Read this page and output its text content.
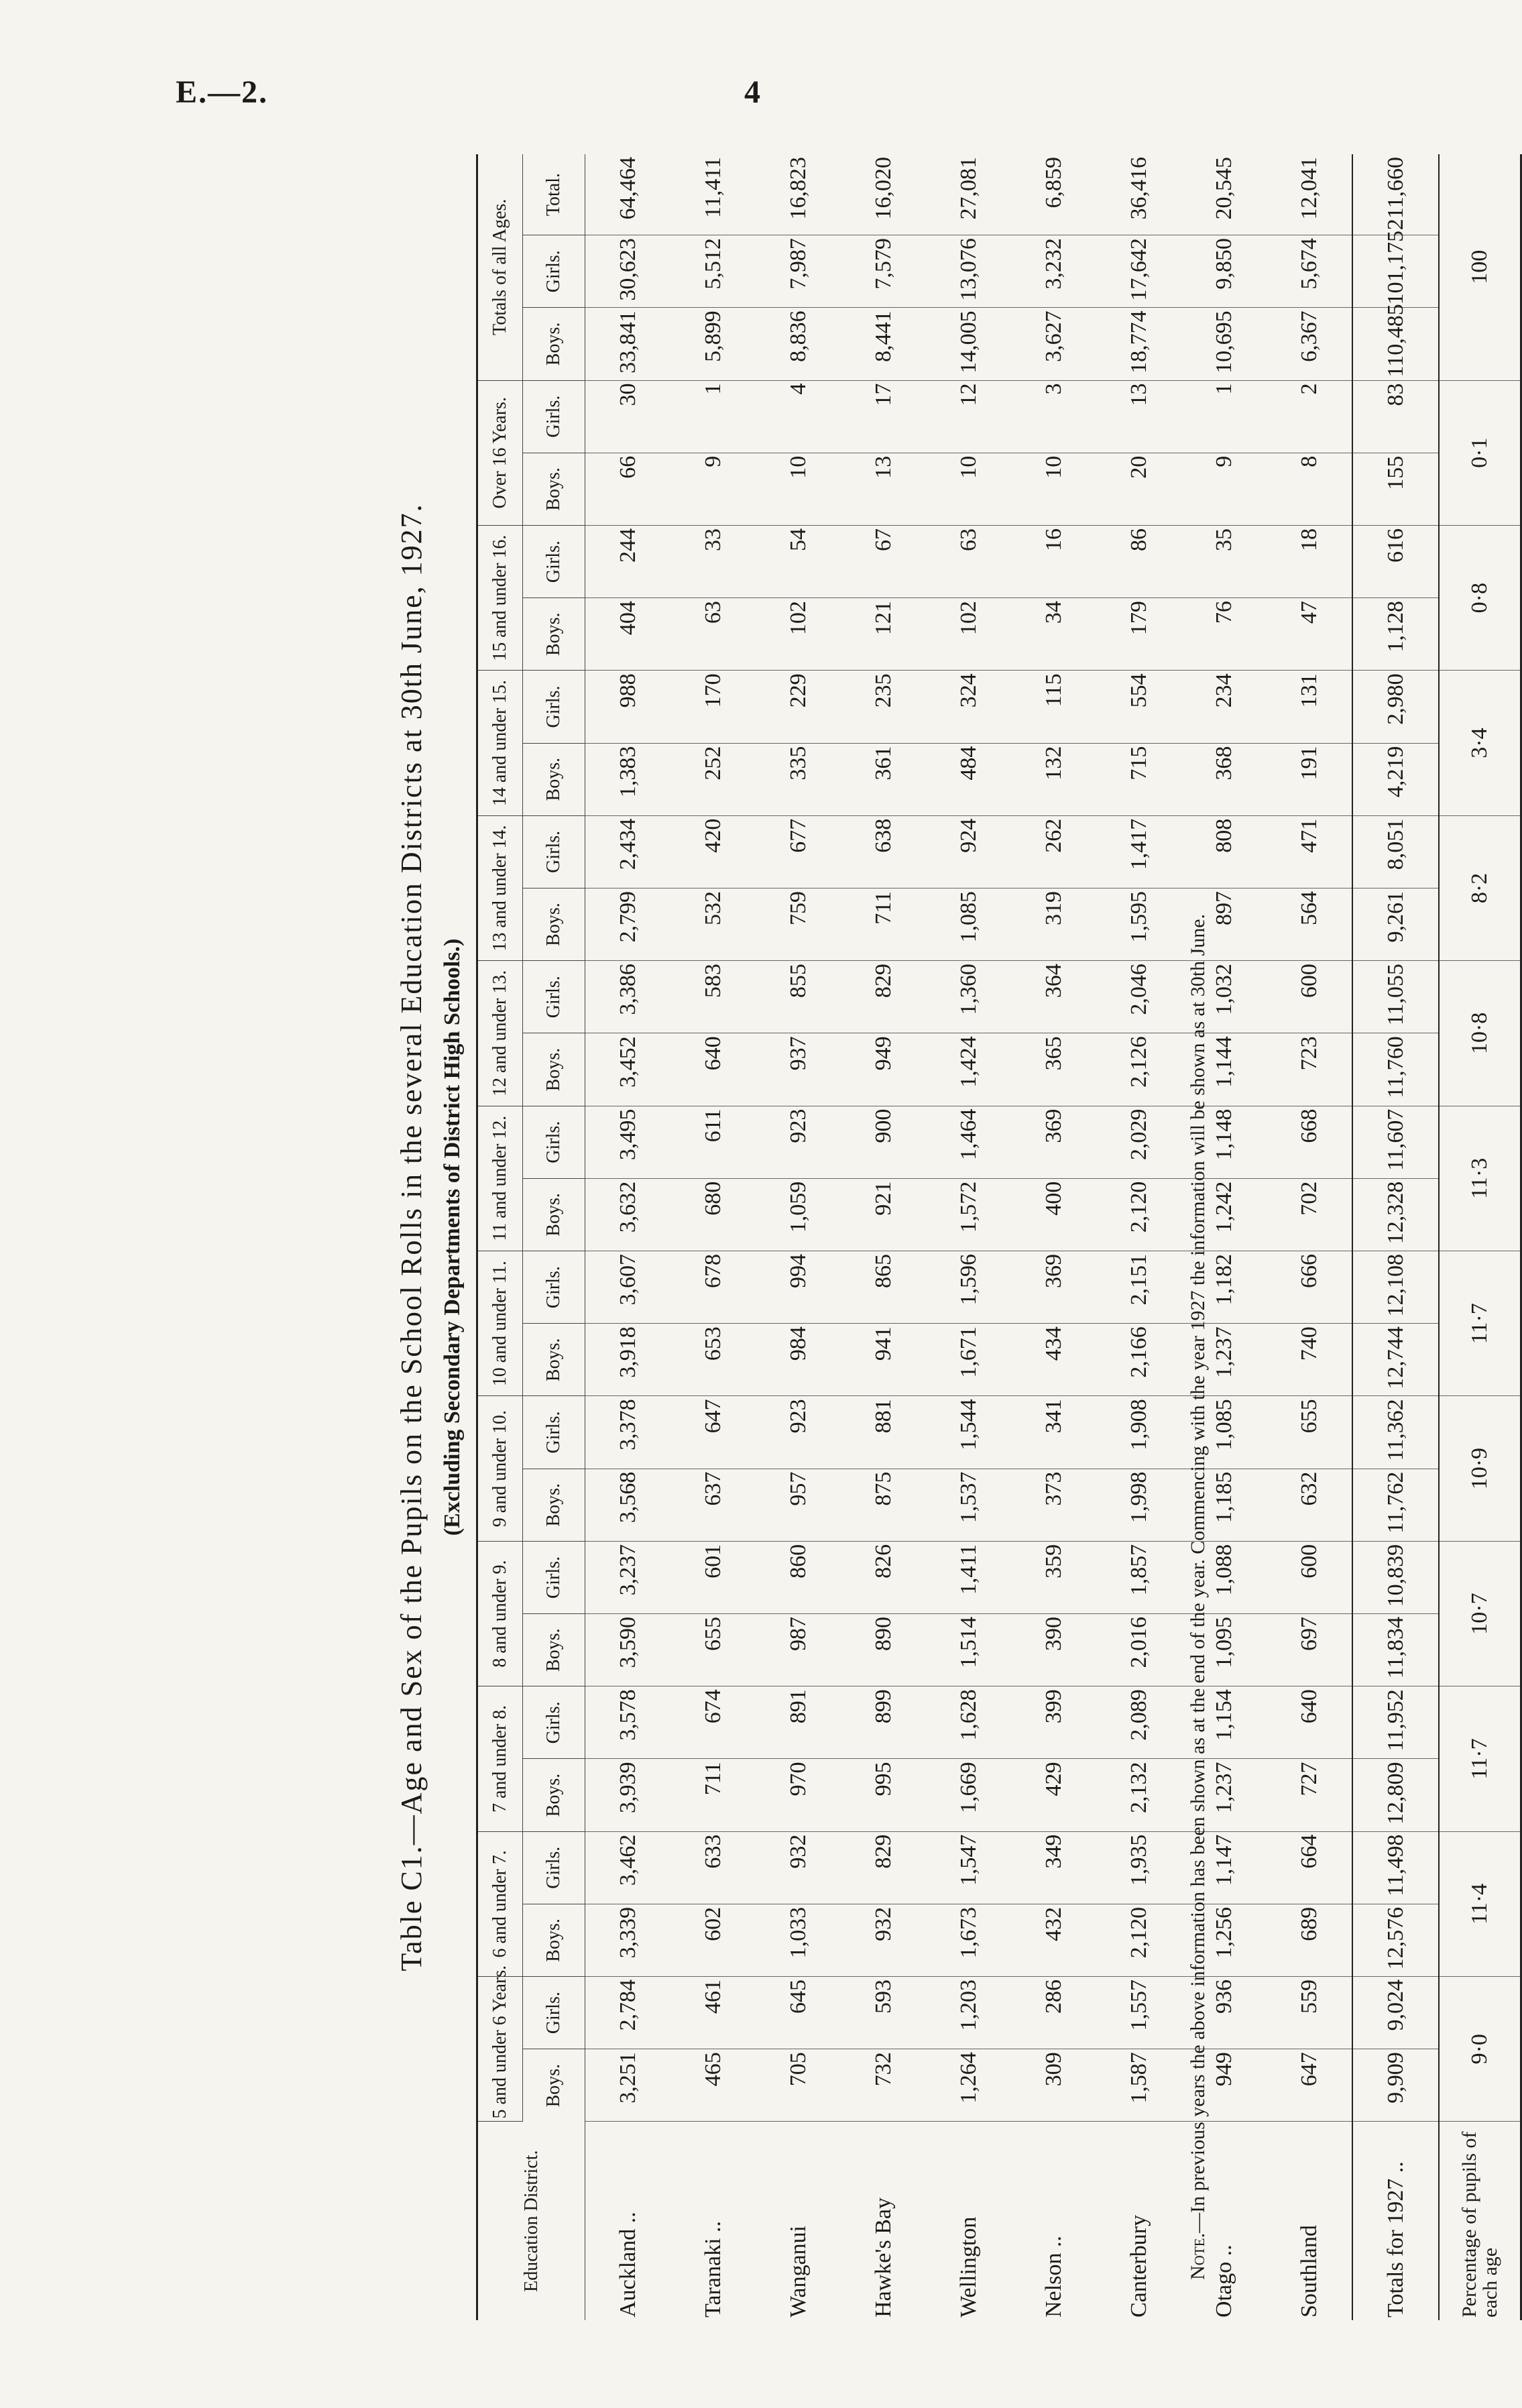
E.—2.	4
Table C1.—Age and Sex of the Pupils on the School Rolls in the several Education Districts at 30th June, 1927. (Excluding Secondary Departments of District High Schools.)
Education District.	5 and under 6 Years.		6 and under 7.		7 and under 8.		8 and under 9.		9 and under 10.		10 and under 11.		11 and under 12.		12 and under 13.		13 and under 14.		14 and under 15.		15 and under 16.		Over 16 Years.		Totals of all Ages.		
	Boys.	Girls.	Boys.	Girls.	Boys.	Girls.	Boys.	Girls.	Boys.	Girls.	Boys.	Girls.	Boys.	Girls.	Boys.	Girls.	Boys.	Girls.	Boys.	Girls.	Boys.	Girls.	Boys.	Girls.	Boys.	Girls.	Total.
Auckland ..	3,251	2,784	3,339	3,462	3,939	3,578	3,590	3,237	3,568	3,378	3,918	3,607	3,632	3,495	3,452	3,386	2,799	2,434	1,383	988	404	244	66	30	33,841	30,623	64,464
Taranaki ..	465	461	602	633	711	674	655	601	637	647	653	678	680	611	640	583	532	420	252	170	63	33	9	1	5,899	5,512	11,411
Wanganui	705	645	1,033	932	970	891	987	860	957	923	984	994	1,059	923	937	855	759	677	335	229	102	54	10	4	8,836	7,987	16,823
Hawke's Bay	732	593	932	829	995	899	890	826	875	881	941	865	921	900	949	829	711	638	361	235	121	67	13	17	8,441	7,579	16,020
Wellington	1,264	1,203	1,673	1,547	1,669	1,628	1,514	1,411	1,537	1,544	1,671	1,596	1,572	1,464	1,424	1,360	1,085	924	484	324	102	63	10	12	14,005	13,076	27,081
Nelson ..	309	286	432	349	429	399	390	359	373	341	434	369	400	369	365	364	319	262	132	115	34	16	10	3	3,627	3,232	6,859
Canterbury	1,587	1,557	2,120	1,935	2,132	2,089	2,016	1,857	1,998	1,908	2,166	2,151	2,120	2,029	2,126	2,046	1,595	1,417	715	554	179	86	20	13	18,774	17,642	36,416
Otago ..	949	936	1,256	1,147	1,237	1,154	1,095	1,088	1,185	1,085	1,237	1,182	1,242	1,148	1,144	1,032	897	808	368	234	76	35	9	1	10,695	9,850	20,545
Southland	647	559	689	664	727	640	697	600	632	655	740	666	702	668	723	600	564	471	191	131	47	18	8	2	6,367	5,674	12,041
Totals for 1927 ..	9,909	9,024	12,576	11,498	12,809	11,952	11,834	10,839	11,762	11,362	12,744	12,108	12,328	11,607	11,760	11,055	9,261	8,051	4,219	2,980	1,128	616	155	83	110,485	101,175	211,660
Percentage of pupils of each age	9·0		11·4		11·7		10·7		10·9		11·7		11·3		10·8		8·2		3·4		0·8		0·1		100		
Note.—In previous years the above information has been shown as at the end of the year. Commencing with the year 1927 the information will be shown as at 30th June.
